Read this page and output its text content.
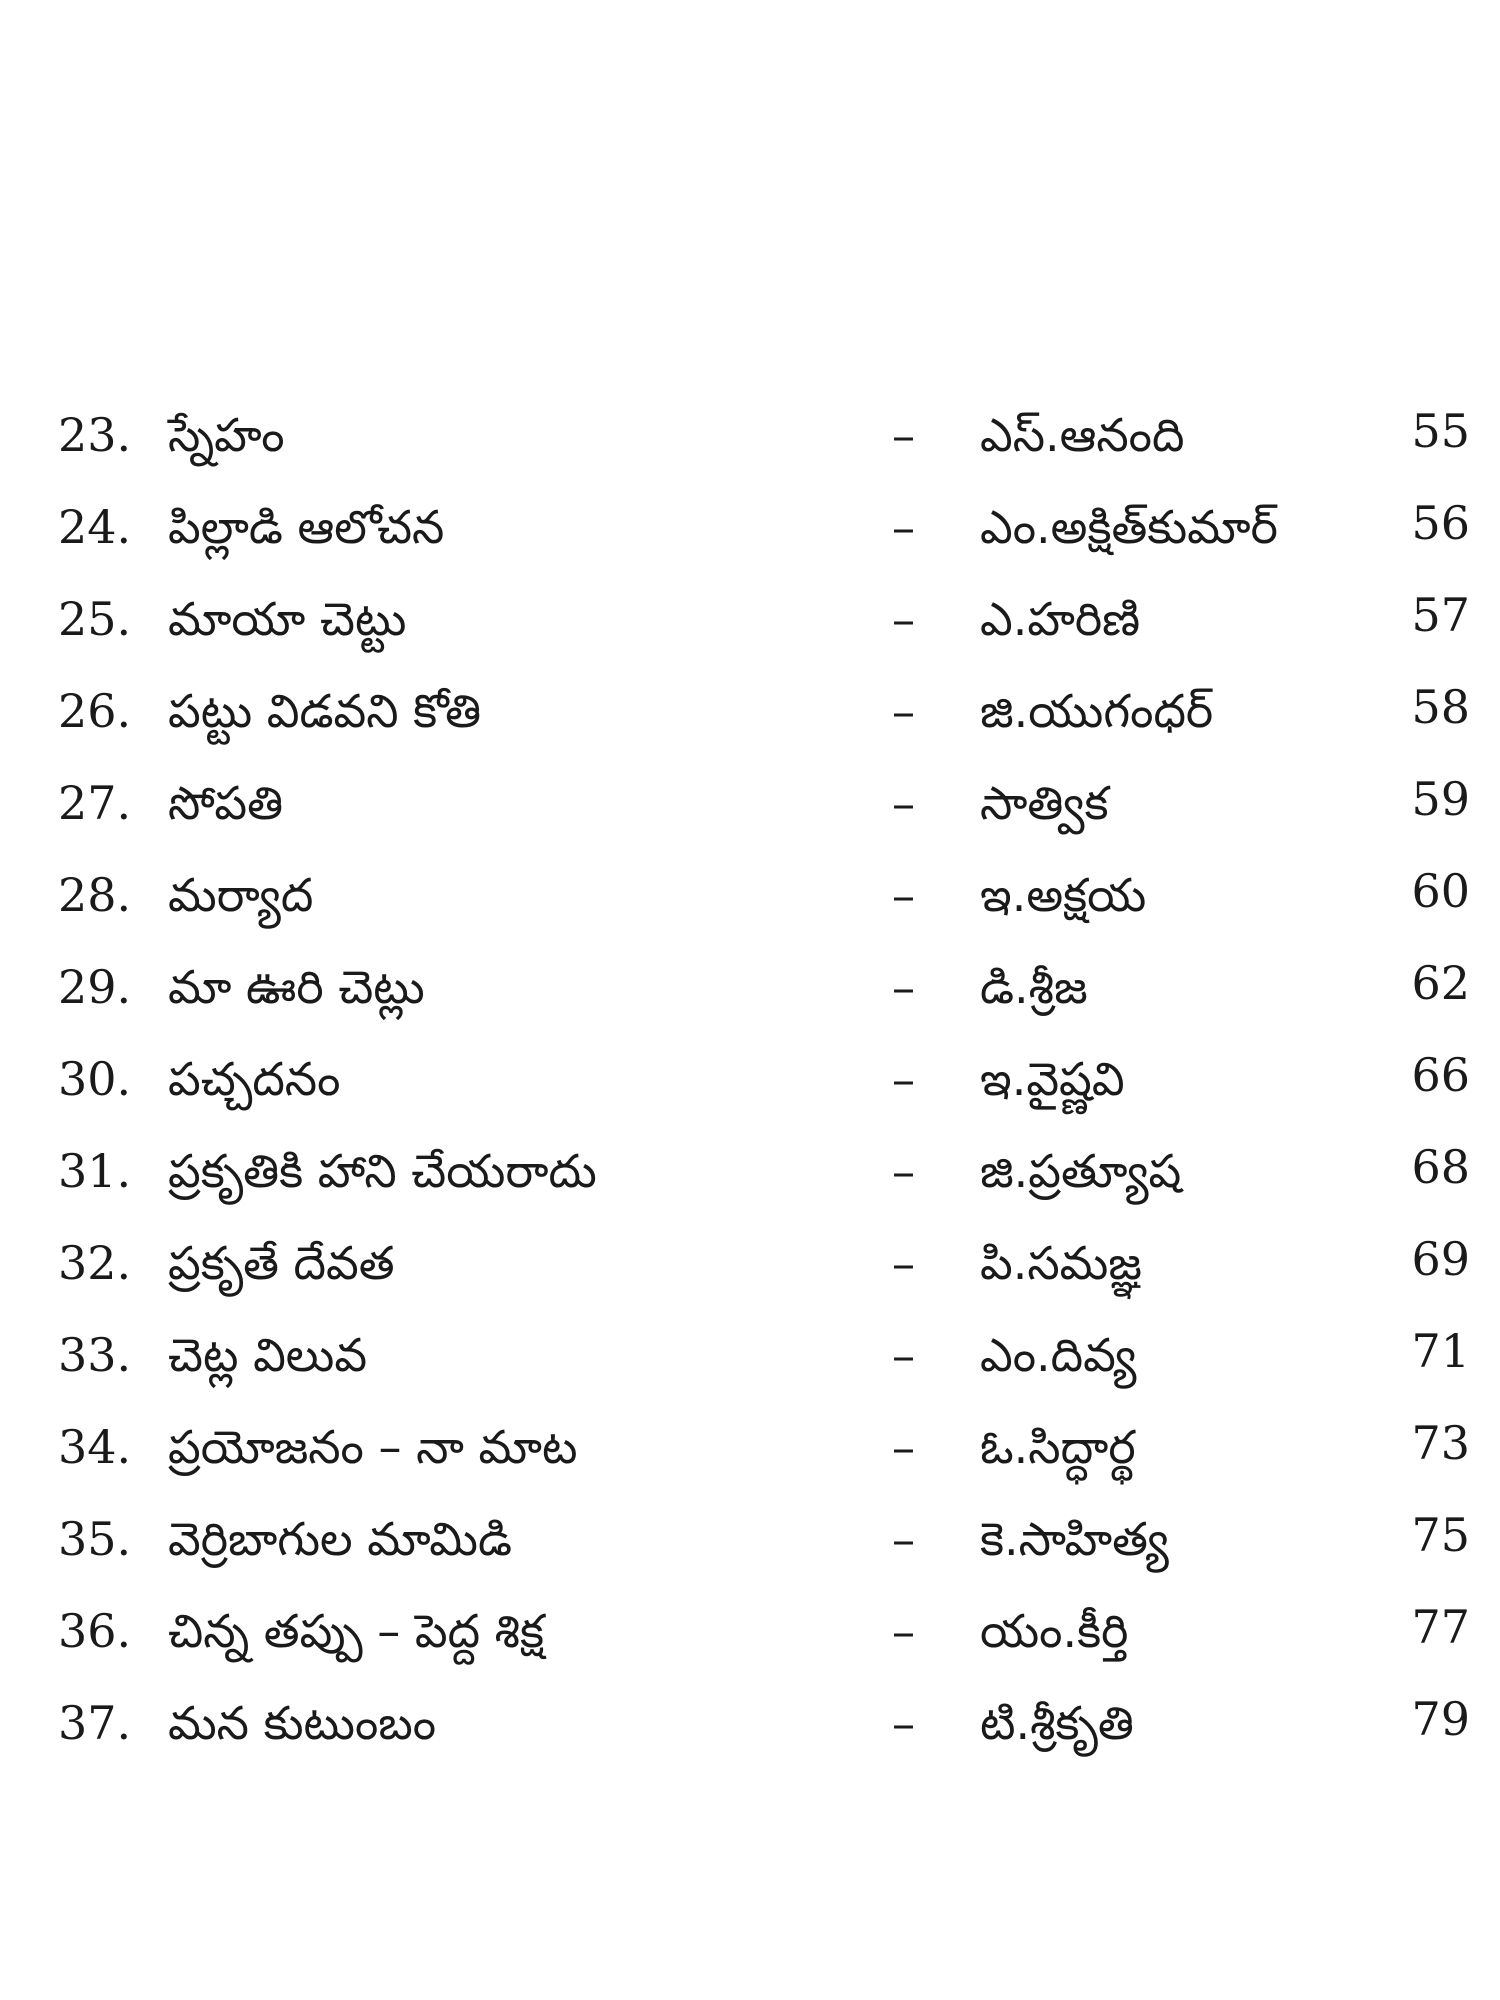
23. స్నేహం	– ఎస్.ఆనంది	55
24. పిల్లాడి ఆలోచన	– ఎం.అక్షిత్‌కుమార్	56
25. మాయా చెట్టు	– ఎ.హరిణి	57
26. పట్టు విడవని కోతి	– జి.యుగంధర్	58
27. సోపతి	– సాత్విక	59
28. మర్యాద	– ఇ.అక్షయ	60
29. మా ఊరి చెట్లు	– డి.శ్రీజ	62
30. పచ్చదనం	– ఇ.వైష్ణవి	66
31. ప్రకృతికి హాని చేయరాదు	– జి.ప్రత్యూష	68
32. ప్రకృతే దేవత	– పి.సమజ్ఞ	69
33. చెట్ల విలువ	– ఎం.దివ్య	71
34. ప్రయోజనం – నా మాట	– ఓ.సిద్ధార్థ	73
35. వెర్రిబాగుల మామిడి	– కె.సాహిత్య	75
36. చిన్న తప్పు – పెద్ద శిక్ష	– యం.కీర్తి	77
37. మన కుటుంబం	– టి.శ్రీకృతి	79
